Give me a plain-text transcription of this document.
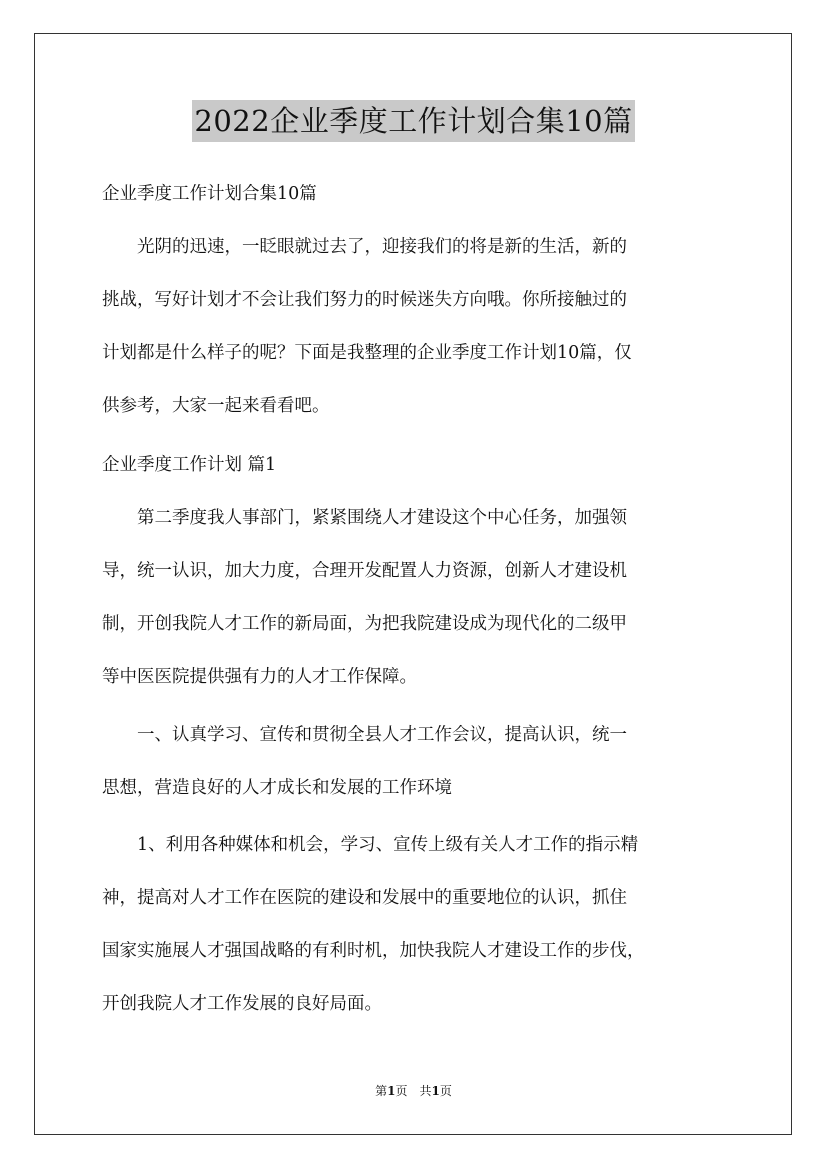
2022企业季度工作计划合集10篇
企业季度工作计划合集10篇
　　光阴的迅速，一眨眼就过去了，迎接我们的将是新的生活，新的
挑战，写好计划才不会让我们努力的时候迷失方向哦。你所接触过的
计划都是什么样子的呢？下面是我整理的企业季度工作计划10篇，仅
供参考，大家一起来看看吧。
企业季度工作计划 篇1
　　第二季度我人事部门，紧紧围绕人才建设这个中心任务，加强领
导，统一认识，加大力度，合理开发配置人力资源，创新人才建设机
制，开创我院人才工作的新局面，为把我院建设成为现代化的二级甲
等中医医院提供强有力的人才工作保障。
　　一、认真学习、宣传和贯彻全县人才工作会议，提高认识，统一
思想，营造良好的人才成长和发展的工作环境
　　1、利用各种媒体和机会，学习、宣传上级有关人才工作的指示精
神，提高对人才工作在医院的建设和发展中的重要地位的认识，抓住
国家实施展人才强国战略的有利时机，加快我院人才建设工作的步伐，
开创我院人才工作发展的良好局面。
第1页　共1页
